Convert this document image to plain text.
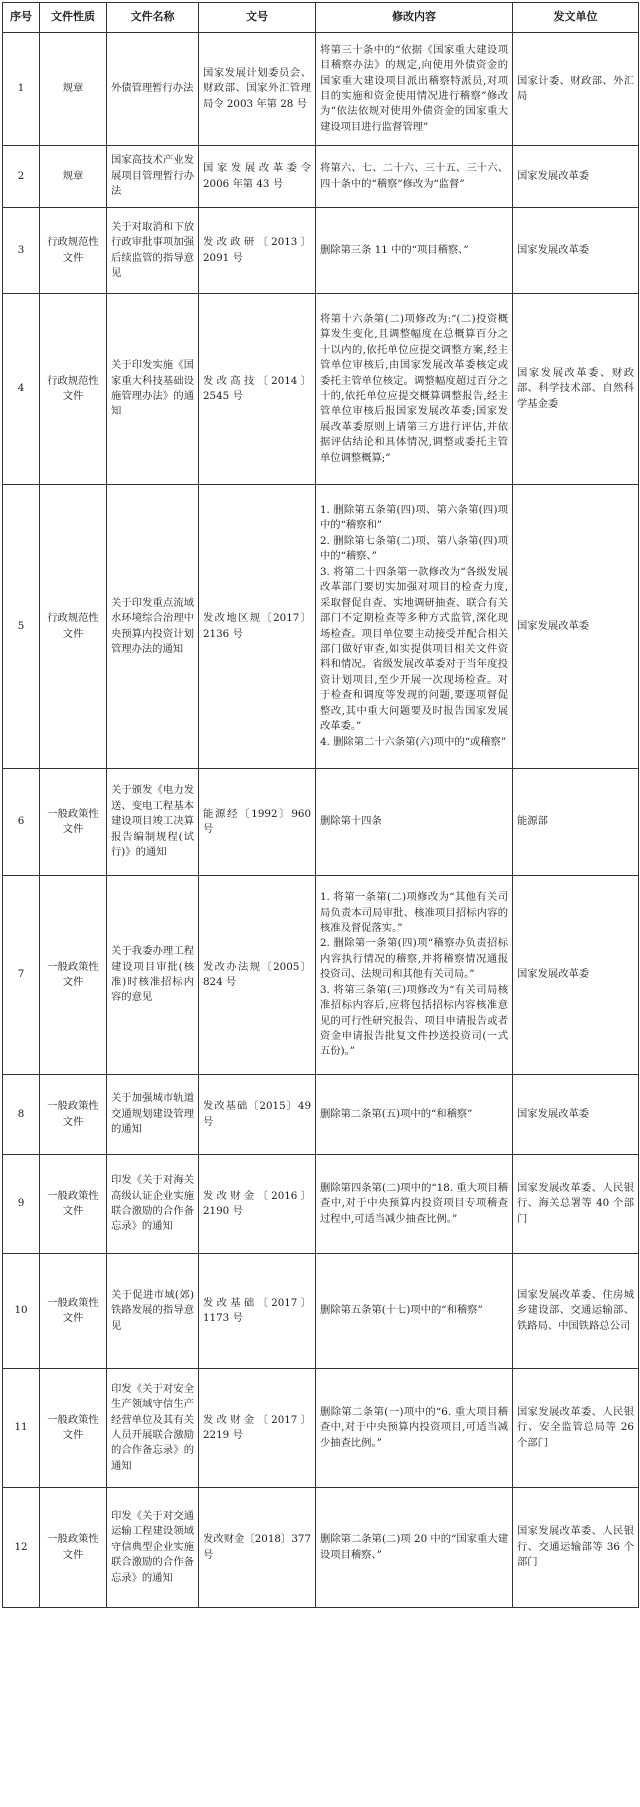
序号	文件性质	文件名称	文号	修改内容	发文单位
1	规章	外债管理暂行办法	国家发展计划委员会、财政部、国家外汇管理局令 2003 年第 28 号	将第三十条中的“依据《国家重大建设项目稽察办法》的规定,向使用外债资金的国家重大建设项目派出稽察特派员,对项目的实施和资金使用情况进行稽察”修改为“依法依规对使用外债资金的国家重大建设项目进行监督管理”	国家计委、财政部、外汇局
2	规章	国家高技术产业发展项目管理暂行办法	国家发展改革委令 2006 年第 43 号	将第六、七、二十六、三十五、三十六、四十条中的“稽察”修改为“监督”	国家发展改革委
3	行政规范性文件	关于对取消和下放行政审批事项加强后续监管的指导意见	发改政研〔2013〕2091 号	删除第三条 11 中的“项目稽察、”	国家发展改革委
4	行政规范性文件	关于印发实施《国家重大科技基础设施管理办法》的通知	发改高技〔2014〕2545 号	将第十六条第(二)项修改为:“(二)投资概算发生变化,且调整幅度在总概算百分之十以内的,依托单位应提交调整方案,经主管单位审核后,由国家发展改革委核定或委托主管单位核定。调整幅度超过百分之十的,依托单位应提交概算调整报告,经主管单位审核后报国家发展改革委;国家发展改革委原则上请第三方进行评估,并依据评估结论和具体情况,调整或委托主管单位调整概算;”	国家发展改革委、财政部、科学技术部、自然科学基金委
5	行政规范性文件	关于印发重点流域水环境综合治理中央预算内投资计划管理办法的通知	发改地区规〔2017〕2136 号	1. 删除第五条第(四)项、第六条第(四)项中的“稽察和”
2. 删除第七条第(二)项、第八条第(四)项中的“稽察、”
3. 将第二十四条第一款修改为“各级发展改革部门要切实加强对项目的检查力度,采取督促自查、实地调研抽查、联合有关部门不定期检查等多种方式监管,深化现场检查。项目单位要主动接受并配合相关部门做好审查,如实提供项目相关文件资料和情况。省级发展改革委对于当年度投资计划项目,至少开展一次现场检查。对于检查和调度等发现的问题,要逐项督促整改,其中重大问题要及时报告国家发展改革委。”
4. 删除第二十六条第(六)项中的“或稽察”	国家发展改革委
6	一般政策性文件	关于颁发《电力发送、变电工程基本建设项目竣工决算报告编制规程(试行)》的通知	能源经〔1992〕960 号	删除第十四条	能源部
7	一般政策性文件	关于我委办理工程建设项目审批(核准)时核准招标内容的意见	发改办法规〔2005〕824 号	1. 将第一条第(二)项修改为“其他有关司局负责本司局审批、核准项目招标内容的核准及督促落实。”
2. 删除第一条第(四)项“稽察办负责招标内容执行情况的稽察,并将稽察情况通报投资司、法规司和其他有关司局。”
3. 将第三条第(三)项修改为“有关司局核准招标内容后,应将包括招标内容核准意见的可行性研究报告、项目申请报告或者资金申请报告批复文件抄送投资司(一式五份)。”	国家发展改革委
8	一般政策性文件	关于加强城市轨道交通规划建设管理的通知	发改基础〔2015〕49 号	删除第二条第(五)项中的“和稽察”	国家发展改革委
9	一般政策性文件	印发《关于对海关高级认证企业实施联合激励的合作备忘录》的通知	发改财金〔2016〕2190 号	删除第四条第(二)项中的“18. 重大项目稽查中,对于中央预算内投资项目专项稽查过程中,可适当减少抽查比例。”	国家发展改革委、人民银行、海关总署等 40 个部门
10	一般政策性文件	关于促进市域(郊)铁路发展的指导意见	发改基础〔2017〕1173 号	删除第五条第(十七)项中的“和稽察”	国家发展改革委、住房城乡建设部、交通运输部、铁路局、中国铁路总公司
11	一般政策性文件	印发《关于对安全生产领域守信生产经营单位及其有关人员开展联合激励的合作备忘录》的通知	发改财金〔2017〕2219 号	删除第二条第(一)项中的“6. 重大项目稽查中,对于中央预算内投资项目,可适当减少抽查比例。”	国家发展改革委、人民银行、安全监管总局等 26 个部门
12	一般政策性文件	印发《关于对交通运输工程建设领域守信典型企业实施联合激励的合作备忘录》的通知	发改财金〔2018〕377 号	删除第二条第(二)项 20 中的“国家重大建设项目稽察、”	国家发展改革委、人民银行、交通运输部等 36 个部门
